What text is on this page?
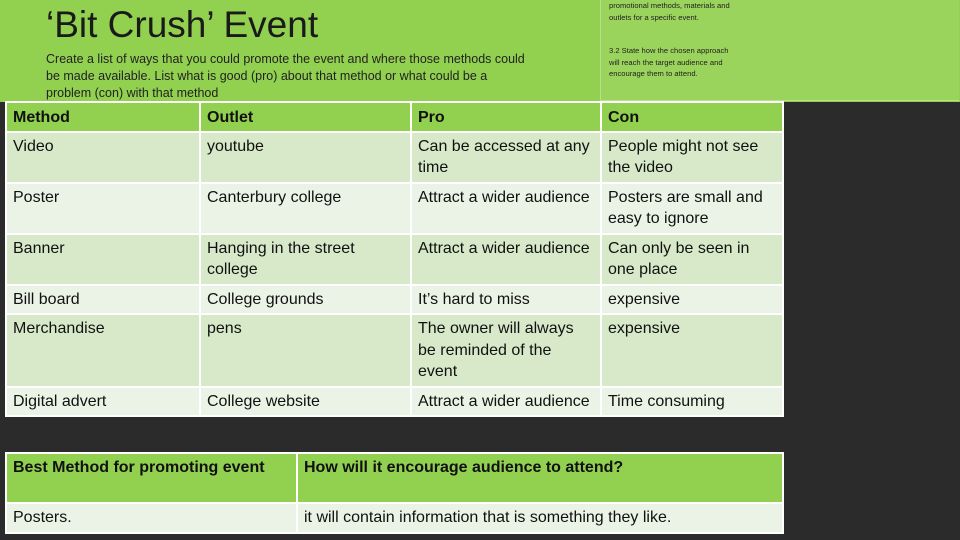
‘Bit Crush’ Event
Create a list of ways that you could promote the event and where those methods could be made available. List what is good (pro) about that method or what could be a problem (con) with that method
promotional methods, materials and outlets for a specific event.
3.2 State how the chosen approach will reach the target audience and encourage them to attend.
Method	Outlet	Pro	Con
Video	youtube	Can be accessed at any time	People might not see the video
Poster	Canterbury college	Attract a wider audience	Posters are small and easy to ignore
Banner	Hanging in the street college	Attract a wider audience	Can only be seen in one place
Bill board	College grounds	It’s hard to miss	expensive
Merchandise	pens	The owner will always be reminded of the event	expensive
Digital advert	College website	Attract a wider audience	Time consuming
Best Method for promoting event	How will it encourage audience to attend?
Posters.	it will contain information that is something they like.
